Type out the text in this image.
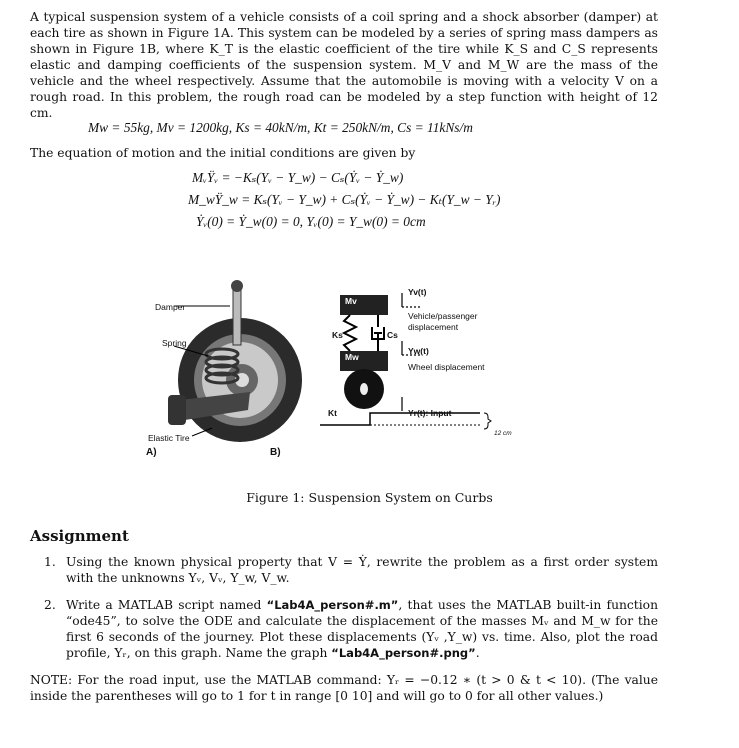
A typical suspension system of a vehicle consists of a coil spring and a shock absorber (damper) at each tire as shown in Figure 1A. This system can be modeled by a series of spring mass dampers as shown in Figure 1B, where K_T is the elastic coefficient of the tire while K_S and C_S represents elastic and damping coefficients of the suspension system. M_V and M_W are the mass of the vehicle and the wheel respectively. Assume that the automobile is moving with a velocity V on a rough road. In this problem, the rough road can be modeled by a step function with height of 12 cm.
Mw = 55kg, Mv = 1200kg, Ks = 40kN/m, Kt = 250kN/m, Cs = 11kNs/m
The equation of motion and the initial conditions are given by
MᵥŸᵥ = −Kₛ(Yᵥ − Y_w) − Cₛ(Ẏᵥ − Ẏ_w)
M_wŸ_w = Kₛ(Yᵥ − Y_w) + Cₛ(Ẏᵥ − Ẏ_w) − Kₜ(Y_w − Yᵣ)
Ẏᵥ(0) = Ẏ_w(0) = 0, Yᵥ(0) = Y_w(0) = 0cm
Damper
Spring
Elastic Tire
A)	B)
Mv
Mw
Ks	Cs
Kt
Yv(t)
Vehicle/passenger
displacement
Yw(t)
Wheel displacement
Yr(t): Input
12 cm
Figure 1: Suspension System on Curbs
Assignment
1. Using the known physical property that V = Ẏ, rewrite the problem as a first order system with the unknowns Yᵥ, Vᵥ, Y_w, V_w.
2. Write a MATLAB script named “Lab4A_person#.m”, that uses the MATLAB built-in function “ode45”, to solve the ODE and calculate the displacement of the masses Mᵥ and M_w for the first 6 seconds of the journey. Plot these displacements (Yᵥ ,Y_w) vs. time. Also, plot the road profile, Yᵣ, on this graph. Name the graph “Lab4A_person#.png”.
NOTE: For the road input, use the MATLAB command: Yᵣ = −0.12 ∗ (t > 0 & t < 10). (The value inside the parentheses will go to 1 for t in range [0 10] and will go to 0 for all other values.)
